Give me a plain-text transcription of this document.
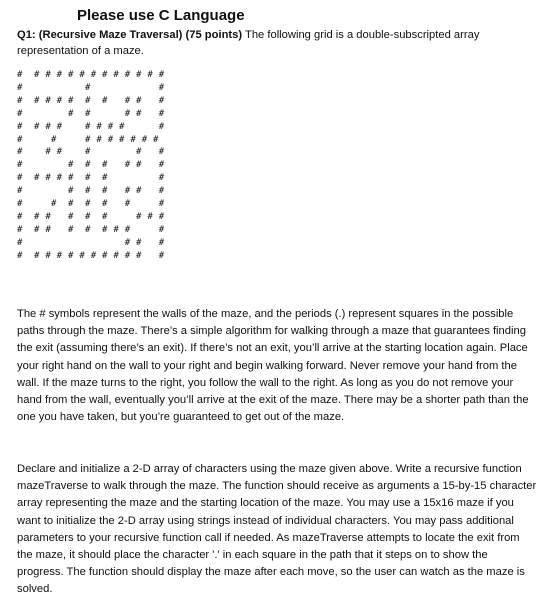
Please use C Language
Q1: (Recursive Maze Traversal) (75 points) The following grid is a double-subscripted array representation of a maze.
#  # # # # # # # # # # # #
#           #            #
#  # # # #  #  #   # #   #
#        #  #      # #   #
#  # # #    # # # #      #
#     #     # # # # # # #
#    # #    #        #   #
#        #  #  #   # #   #
#  # # # #  #  #         #
#        #  #  #   # #   #
#     #  #  #  #   #     #
#  # #   #  #  #     # # #
#  # #   #  #  # # #     #
#                  # #   #
#  # # # # # # # # # #   #

The # symbols represent the walls of the maze, and the periods (.) represent squares in the possible paths through the maze. There’s a simple algorithm for walking through a maze that guarantees finding the exit (assuming there’s an exit). If there’s not an exit, you’ll arrive at the starting location again. Place your right hand on the wall to your right and begin walking forward. Never remove your hand from the wall. If the maze turns to the right, you follow the wall to the right. As long as you do not remove your hand from the wall, eventually you’ll arrive at the exit of the maze. There may be a shorter path than the one you have taken, but you’re guaranteed to get out of the maze.

Declare and initialize a 2-D array of characters using the maze given above. Write a recursive function mazeTraverse to walk through the maze. The function should receive as arguments a 15-by-15 character array representing the maze and the starting location of the maze. You may use a 15x16 maze if you want to initialize the 2-D array using strings instead of individual characters. You may pass additional parameters to your recursive function call if needed. As mazeTraverse attempts to locate the exit from the maze, it should place the character '.' in each square in the path that it steps on to show the progress. The function should display the maze after each move, so the user can watch as the maze is solved.
